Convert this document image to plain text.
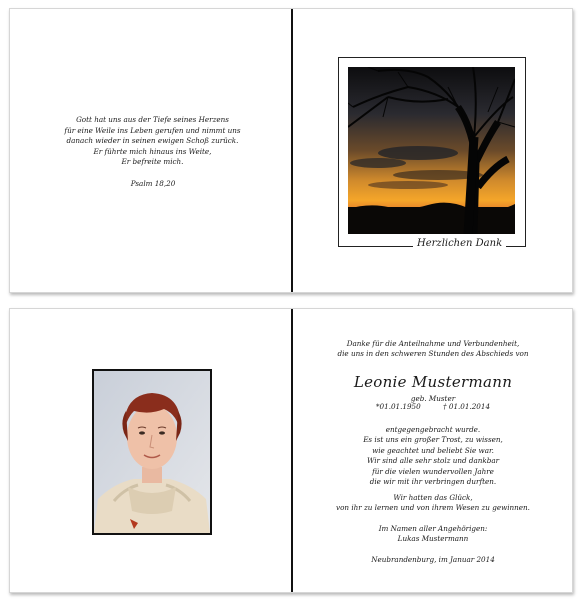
Gott hat uns aus der Tiefe seines Herzens
für eine Weile ins Leben gerufen und nimmt uns
danach wieder in seinen ewigen Schoß zurück.
Er führte mich hinaus ins Weite,
Er befreite mich.
Psalm 18,20
Herzlichen Dank
Danke für die Anteilnahme und Verbundenheit,
die uns in den schweren Stunden des Abschieds von
Leonie Mustermann
geb. Muster
*01.01.1950	† 01.01.2014
entgegengebracht wurde.
Es ist uns ein großer Trost, zu wissen,
wie geachtet und beliebt Sie war.
Wir sind alle sehr stolz und dankbar
für die vielen wundervollen Jahre
die wir mit ihr verbringen durften.
Wir hatten das Glück,
von ihr zu lernen und von ihrem Wesen zu gewinnen.
Im Namen aller Angehörigen:
Lukas Mustermann
Neubrandenburg, im Januar 2014
